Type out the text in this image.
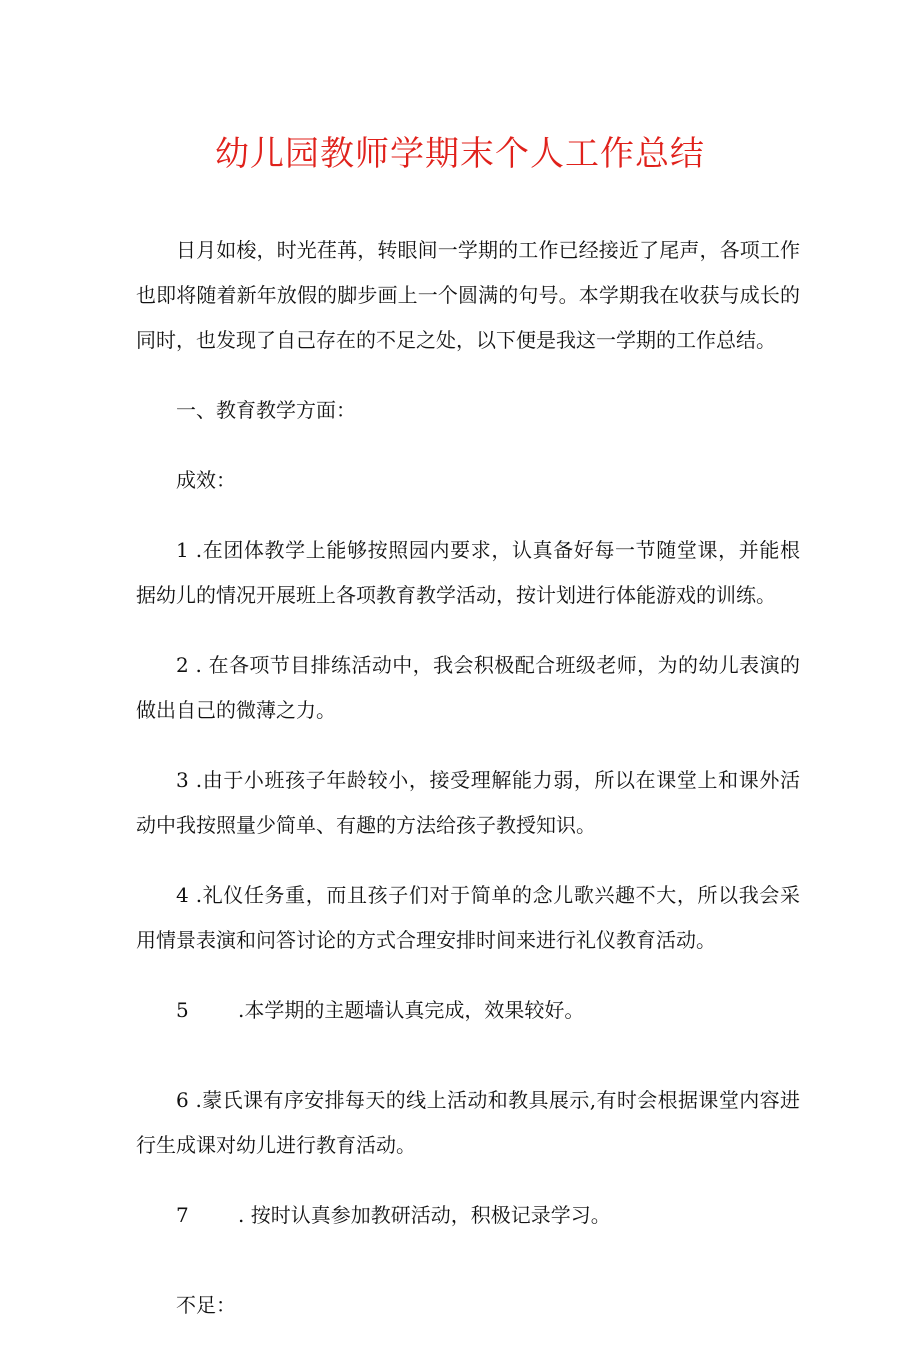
幼儿园教师学期末个人工作总结

日月如梭，时光荏苒，转眼间一学期的工作已经接近了尾声，各项工作也即将随着新年放假的脚步画上一个圆满的句号。本学期我在收获与成长的同时，也发现了自己存在的不足之处，以下便是我这一学期的工作总结。

一、教育教学方面：

成效：

1 .在团体教学上能够按照园内要求，认真备好每一节随堂课，并能根据幼儿的情况开展班上各项教育教学活动，按计划进行体能游戏的训练。

2 . 在各项节目排练活动中，我会积极配合班级老师，为的幼儿表演的做出自己的微薄之力。

3 .由于小班孩子年龄较小，接受理解能力弱，所以在课堂上和课外活动中我按照量少简单、有趣的方法给孩子教授知识。

4 .礼仪任务重，而且孩子们对于简单的念儿歌兴趣不大，所以我会采用情景表演和问答讨论的方式合理安排时间来进行礼仪教育活动。

5 .本学期的主题墙认真完成，效果较好。

6 .蒙氏课有序安排每天的线上活动和教具展示,有时会根据课堂内容进行生成课对幼儿进行教育活动。

7 . 按时认真参加教研活动，积极记录学习。

不足：
